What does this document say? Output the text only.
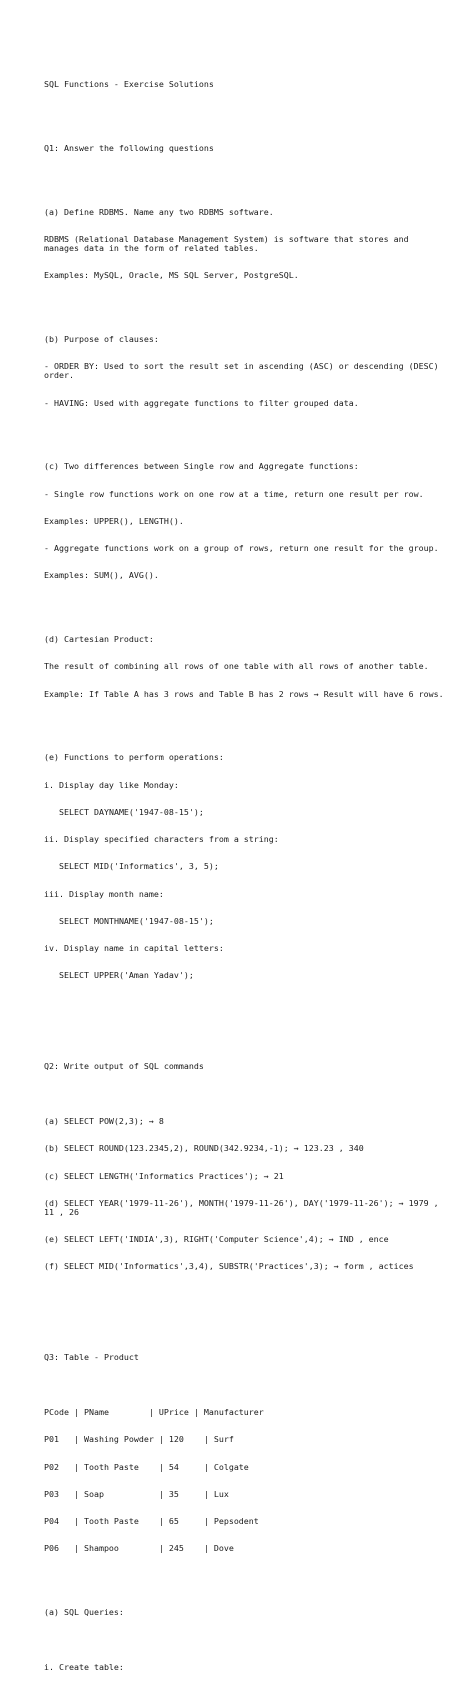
SQL Functions - Exercise Solutions

Q1: Answer the following questions

(a) Define RDBMS. Name any two RDBMS software.

RDBMS (Relational Database Management System) is software that stores and manages data in the form of related tables.

Examples: MySQL, Oracle, MS SQL Server, PostgreSQL.

(b) Purpose of clauses:

- ORDER BY: Used to sort the result set in ascending (ASC) or descending (DESC) order.

- HAVING: Used with aggregate functions to filter grouped data.

(c) Two differences between Single row and Aggregate functions:

- Single row functions work on one row at a time, return one result per row.

Examples: UPPER(), LENGTH().

- Aggregate functions work on a group of rows, return one result for the group.

Examples: SUM(), AVG().

(d) Cartesian Product:

The result of combining all rows of one table with all rows of another table.

Example: If Table A has 3 rows and Table B has 2 rows → Result will have 6 rows.

(e) Functions to perform operations:

i. Display day like Monday:

SELECT DAYNAME('1947-08-15');

ii. Display specified characters from a string:

SELECT MID('Informatics', 3, 5);

iii. Display month name:

SELECT MONTHNAME('1947-08-15');

iv. Display name in capital letters:

SELECT UPPER('Aman Yadav');

Q2: Write output of SQL commands

(a) SELECT POW(2,3); → 8

(b) SELECT ROUND(123.2345,2), ROUND(342.9234,-1); → 123.23 , 340

(c) SELECT LENGTH('Informatics Practices'); → 21

(d) SELECT YEAR('1979-11-26'), MONTH('1979-11-26'), DAY('1979-11-26'); → 1979 , 11 , 26

(e) SELECT LEFT('INDIA',3), RIGHT('Computer Science',4); → IND , ence

(f) SELECT MID('Informatics',3,4), SUBSTR('Practices',3); → form , actices

Q3: Table - Product

PCode | PName        | UPrice | Manufacturer

P01   | Washing Powder | 120    | Surf

P02   | Tooth Paste    | 54     | Colgate

P03   | Soap           | 35     | Lux

P04   | Tooth Paste    | 65     | Pepsodent

P06   | Shampoo        | 245    | Dove

(a) SQL Queries:

i. Create table:
